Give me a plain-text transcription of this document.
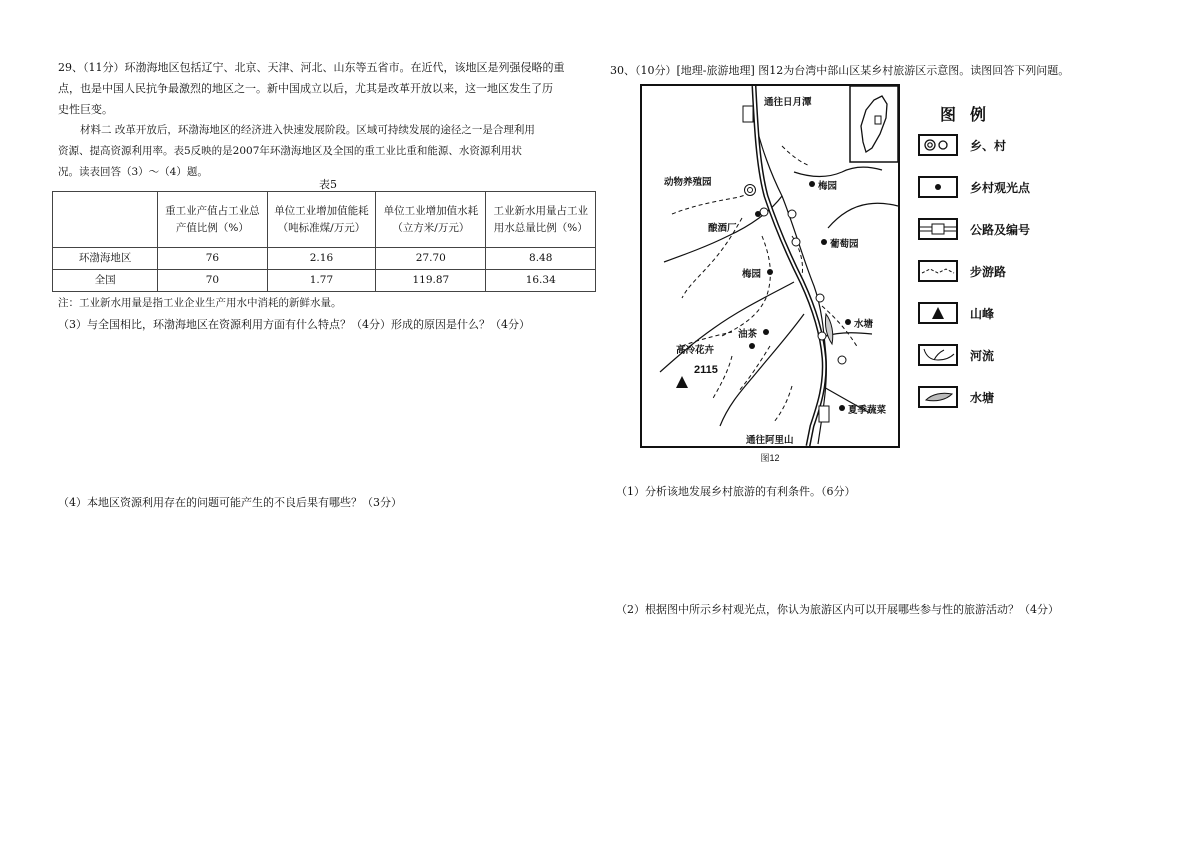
29、（11分）环渤海地区包括辽宁、北京、天津、河北、山东等五省市。在近代，该地区是列强侵略的重
点，也是中国人民抗争最激烈的地区之一。新中国成立以后，尤其是改革开放以来，这一地区发生了历
史性巨变。
材料二 改革开放后，环渤海地区的经济进入快速发展阶段。区域可持续发展的途径之一是合理利用
资源、提高资源利用率。表5反映的是2007年环渤海地区及全国的重工业比重和能源、水资源利用状
况。读表回答（3）～（4）题。
表5
	重工业产值占工业总产值比例（%）	单位工业增加值能耗（吨标准煤/万元）	单位工业增加值水耗（立方米/万元）	工业新水用量占工业用水总量比例（%）
环渤海地区	76	2.16	27.70	8.48
全国	70	1.77	119.87	16.34
注：工业新水用量是指工业企业生产用水中消耗的新鲜水量。
（3）与全国相比，环渤海地区在资源利用方面有什么特点？（4分）形成的原因是什么？（4分）
（4）本地区资源利用存在的问题可能产生的不良后果有哪些？（3分）
30、（10分）[地理-旅游地理] 图12为台湾中部山区某乡村旅游区示意图。读图回答下列问题。
通往日月潭
动物养殖园	梅园
酿酒厂
葡萄园
梅园
水塘
油茶
高冷花卉
2115
夏季蔬菜
通往阿里山
图12
图例
乡、村
乡村观光点
公路及编号
步游路
山峰
河流
水塘
（1）分析该地发展乡村旅游的有利条件。（6分）
（2）根据图中所示乡村观光点，你认为旅游区内可以开展哪些参与性的旅游活动？（4分）
